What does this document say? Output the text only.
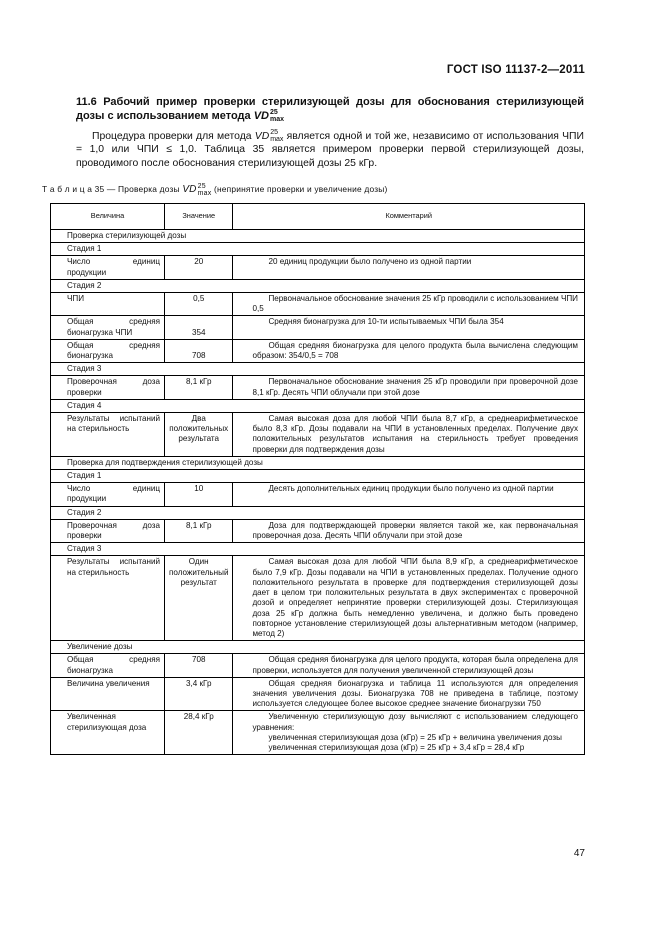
ГОСТ ISO 11137-2—2011
11.6 Рабочий пример проверки стерилизующей дозы для обоснования стерилизующей дозы с использованием метода VD 25
max
Процедура проверки для метода VD 25
max является одной и той же, независимо от использования ЧПИ = 1,0 или ЧПИ ≤ 1,0. Таблица 35 является примером проверки первой стерилизующей дозы, проводимого после обоснования стерилизующей дозы 25 кГр.
Т а б л и ц а 35 — Проверка дозы VD 25
max (непринятие проверки и увеличение дозы)
Величина	Значение	Комментарий
Проверка стерилизующей дозы		
Стадия 1		
Число единиц продукции	20	20 единиц продукции было получено из одной партии
Стадия 2		
ЧПИ	0,5	Первоначальное обоснование значения 25 кГр проводили с использованием ЧПИ 0,5
Общая средняя бионагрузка ЧПИ	354	Средняя бионагрузка для 10-ти испытываемых ЧПИ была 354
Общая средняя бионагрузка	708	Общая средняя бионагрузка для целого продукта была вычислена следующим образом: 354/0,5 = 708
Стадия 3		
Проверочная доза проверки	8,1 кГр	Первоначальное обоснование значения 25 кГр проводили при проверочной дозе 8,1 кГр. Десять ЧПИ облучали при этой дозе
Стадия 4		
Результаты испытаний на стерильность	Два положительных результата	Самая высокая доза для любой ЧПИ была 8,7 кГр, а среднеарифметическое было 8,3 кГр. Дозы подавали на ЧПИ в установленных пределах. Получение двух положительных результатов испытания на стерильность требует проведения проверки для подтверждения дозы
Проверка для подтверждения стерилизующей дозы		
Стадия 1		
Число единиц продукции	10	Десять дополнительных единиц продукции было получено из одной партии
Стадия 2		
Проверочная доза проверки	8,1 кГр	Доза для подтверждающей проверки является такой же, как первоначальная проверочная доза. Десять ЧПИ облучали при этой дозе
Стадия 3		
Результаты испытаний на стерильность	Один положительный результат	Самая высокая доза для любой ЧПИ была 8,9 кГр, а среднеарифметическое было 7,9 кГр. Дозы подавали на ЧПИ в установленных пределах. Получение одного положительного результата в проверке для подтверждения стерилизующей дозы дает в целом три положительных результата в двух экспериментах с проверочной дозой и определяет непринятие проверки стерилизующей дозы. Стерилизующая доза 25 кГр должна быть немедленно увеличена, и должно быть проведено повторное установление стерилизующей дозы альтернативным методом (например, метод 2)
Увеличение дозы		
Общая средняя бионагрузка	708	Общая средняя бионагрузка для целого продукта, которая была определена для проверки, используется для получения увеличенной стерилизующей дозы
Величина увеличения	3,4 кГр	Общая средняя бионагрузка и таблица 11 используются для определения значения увеличения дозы. Бионагрузка 708 не приведена в таблице, поэтому используется следующее более высокое среднее значение бионагрузки 750
Увеличенная стерилизующая доза	28,4 кГр	Увеличенную стерилизующую дозу вычисляют с использованием следующего уравнения:
увеличенная стерилизующая доза (кГр) = 25 кГр + величина увеличения дозы
увеличенная стерилизующая доза (кГр) = 25 кГр + 3,4 кГр = 28,4 кГр
47
